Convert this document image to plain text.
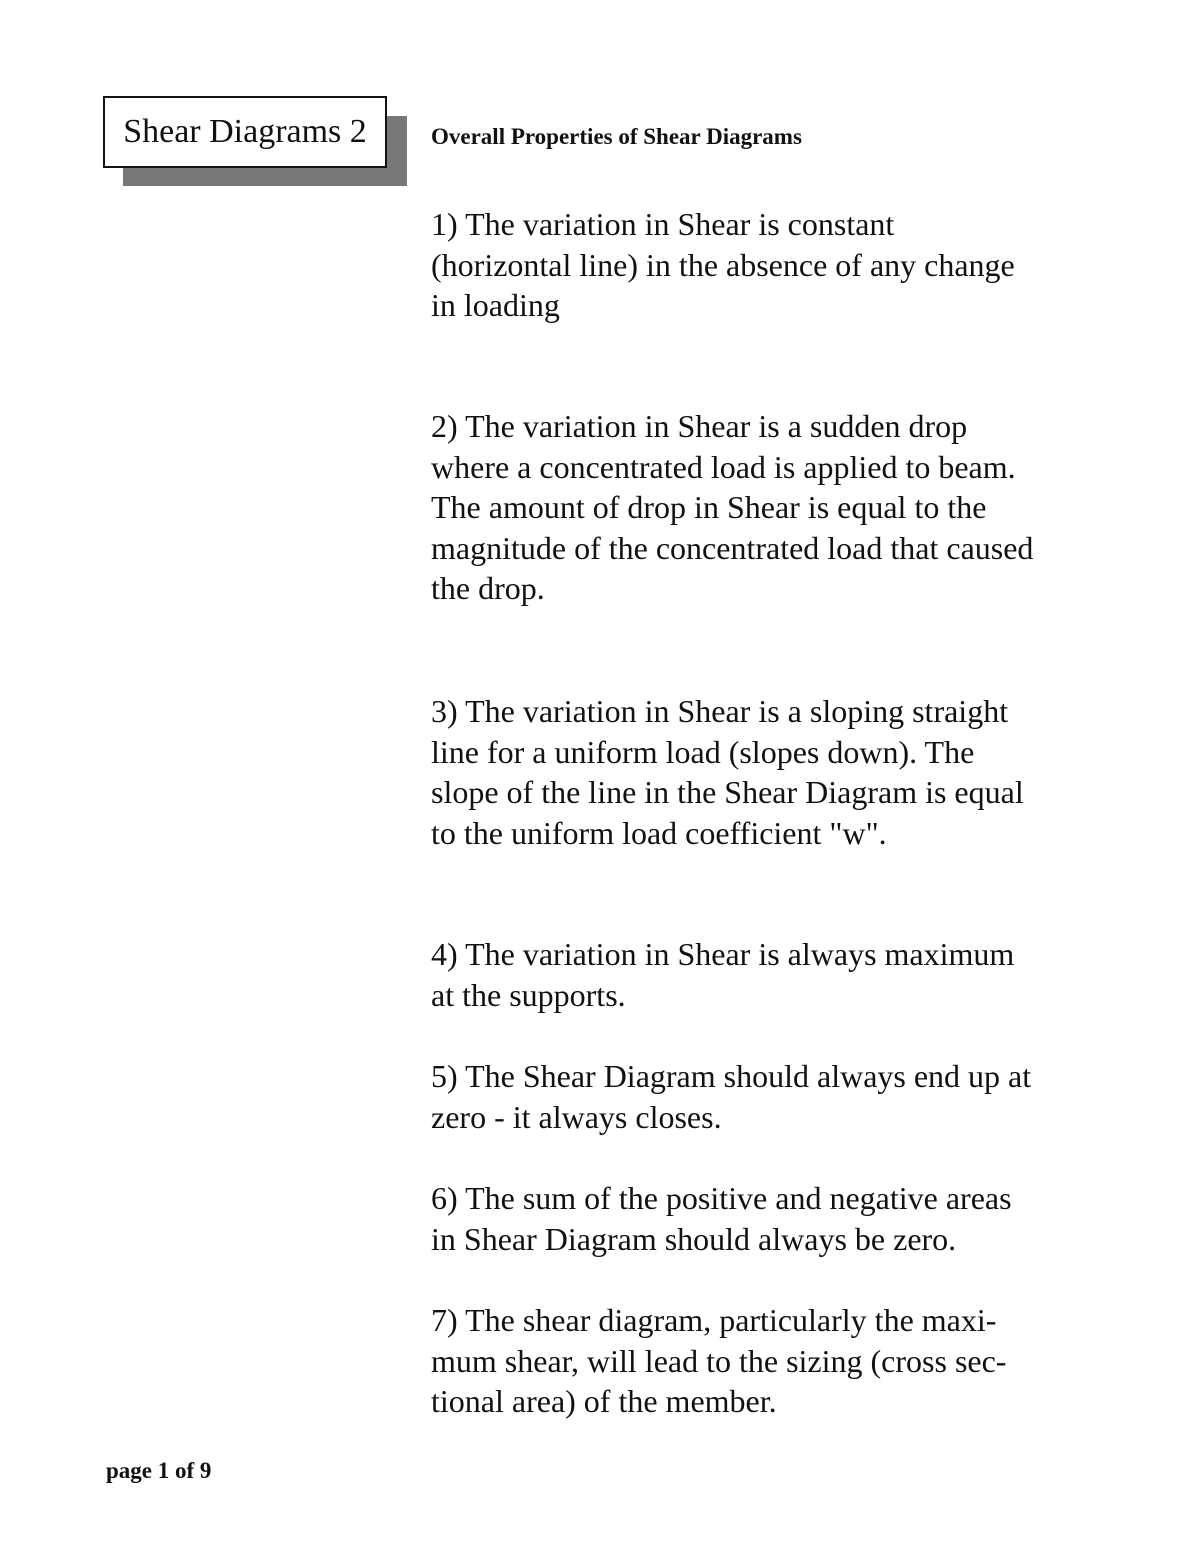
Shear Diagrams 2	Overall Properties of Shear Diagrams
1) The variation in Shear is constant
(horizontal line) in the absence of any change
in loading
2) The variation in Shear is a sudden drop
where a concentrated load is applied to beam.
The amount of drop in Shear is equal to the
magnitude of the concentrated load that caused
the drop.
3) The variation in Shear is a sloping straight
line for a uniform load (slopes down). The
slope of the line in the Shear Diagram is equal
to the uniform load coefficient "w".
4) The variation in Shear is always maximum
at the supports.
5) The Shear Diagram should always end up at
zero - it always closes.
6) The sum of the positive and negative areas
in Shear Diagram should always be zero.
7) The shear diagram, particularly the maxi-
mum shear, will lead to the sizing (cross sec-
tional area) of the member.
page 1 of 9
